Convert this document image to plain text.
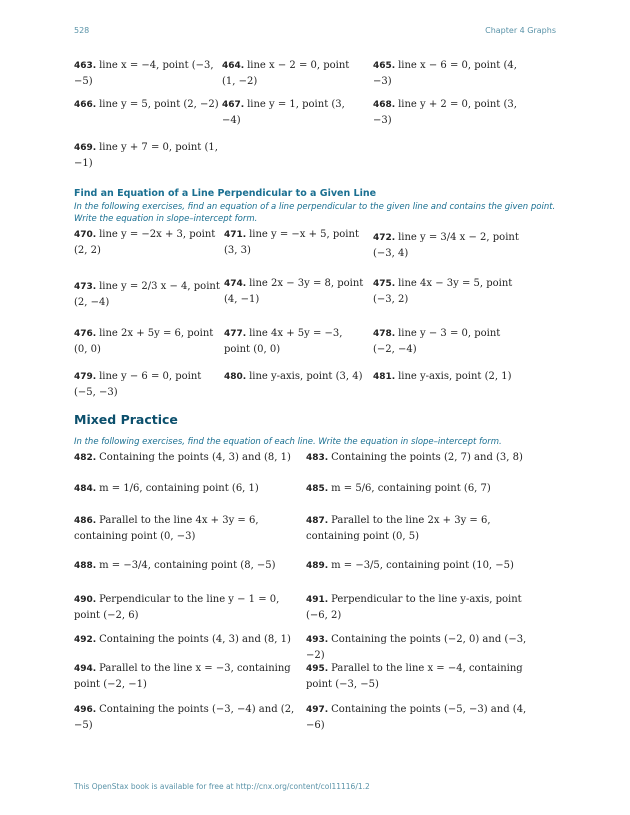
528	Chapter 4 Graphs
463. line x = −4, point (−3, −5)
464. line x − 2 = 0, point (1, −2)
465. line x − 6 = 0, point (4, −3)
466. line y = 5, point (2, −2) 467. line y = 1, point (3, −4)
468. line y + 2 = 0, point (3, −3)
469. line y + 7 = 0, point (1, −1)
Find an Equation of a Line Perpendicular to a Given Line
In the following exercises, find an equation of a line perpendicular to the given line and contains the given point. Write the equation in slope–intercept form.
470. line y = −2x + 3, point (2, 2)
471. line y = −x + 5, point (3, 3)
472. line y = 3/4 x − 2, point (−3, 4)
473. line y = 2/3 x − 4, point (2, −4)
474. line 2x − 3y = 8, point (4, −1)
475. line 4x − 3y = 5, point (−3, 2)
476. line 2x + 5y = 6, point (0, 0)
477. line 4x + 5y = −3, point (0, 0)
478. line y − 3 = 0, point (−2, −4)
479. line y − 6 = 0, point (−5, −3)
480. line y-axis, point (3, 4) 481. line y-axis, point (2, 1)
Mixed Practice
In the following exercises, find the equation of each line. Write the equation in slope–intercept form.
482. Containing the points (4, 3) and (8, 1)	483. Containing the points (2, 7) and (3, 8)
484. m = 1/6, containing point (6, 1)	485. m = 5/6, containing point (6, 7)
486. Parallel to the line 4x + 3y = 6, containing point (0, −3)
487. Parallel to the line 2x + 3y = 6, containing point (0, 5)
488. m = −3/4, containing point (8, −5)	489. m = −3/5, containing point (10, −5)
490. Perpendicular to the line y − 1 = 0, point (−2, 6)
491. Perpendicular to the line y-axis, point (−6, 2)
492. Containing the points (4, 3) and (8, 1)	493. Containing the points (−2, 0) and (−3, −2)
494. Parallel to the line x = −3, containing point (−2, −1)
495. Parallel to the line x = −4, containing point (−3, −5)
496. Containing the points (−3, −4) and (2, −5)
497. Containing the points (−5, −3) and (4, −6)
This OpenStax book is available for free at http://cnx.org/content/col11116/1.2
